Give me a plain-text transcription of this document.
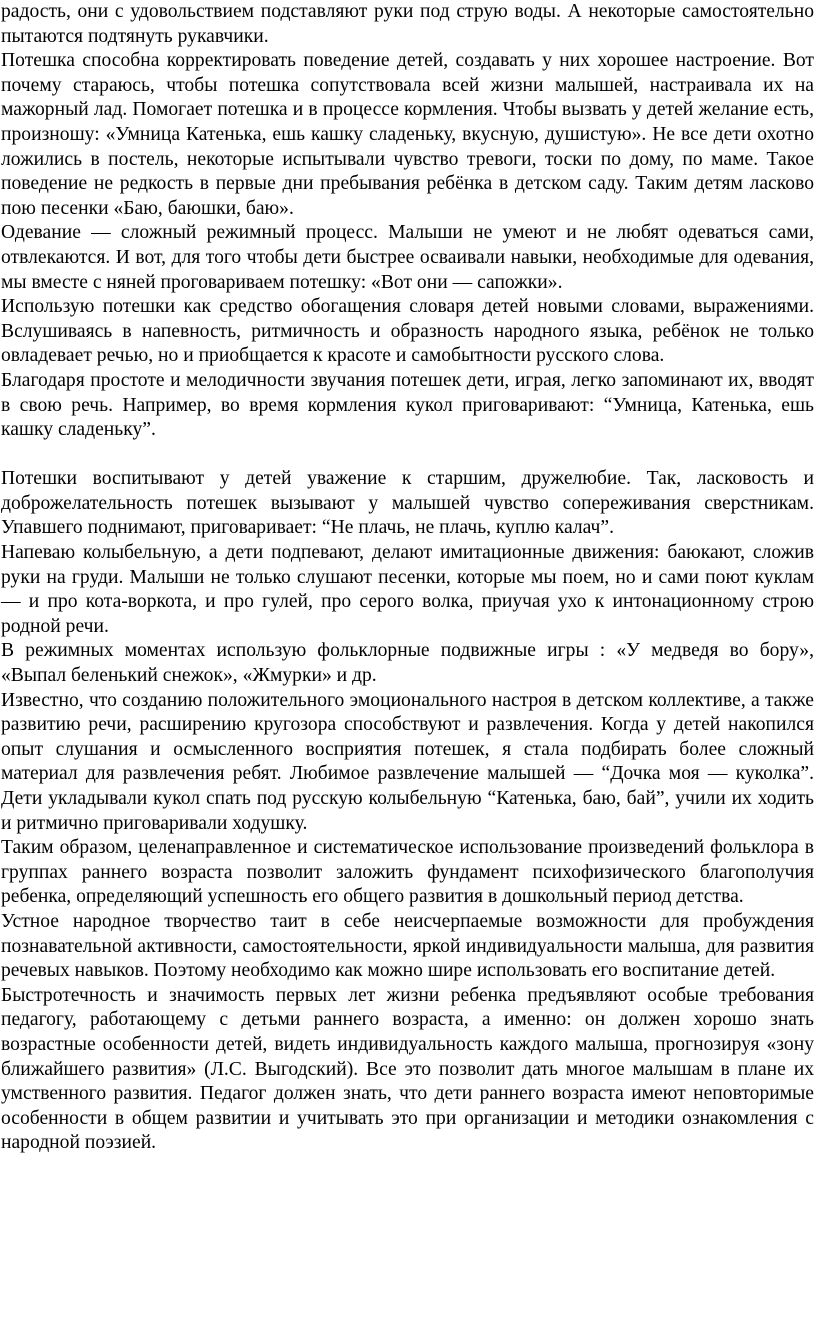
радость, они с удовольствием подставляют руки под струю воды. А некоторые самостоятельно пытаются подтянуть рукавчики.

Потешка способна корректировать поведение детей, создавать у них хорошее настроение. Вот почему стараюсь, чтобы потешка сопутствовала всей жизни малышей, настраивала их на мажорный лад. Помогает потешка и в процессе кормления. Чтобы вызвать у детей желание есть, произношу: «Умница Катенька, ешь кашку сладеньку, вкусную, душистую». Не все дети охотно ложились в постель, некоторые испытывали чувство тревоги, тоски по дому, по маме. Такое поведение не редкость в первые дни пребывания ребёнка в детском саду. Таким детям ласково пою песенки «Баю, баюшки, баю».

Одевание — сложный режимный процесс. Малыши не умеют и не любят одеваться сами, отвлекаются. И вот, для того чтобы дети быстрее осваивали навыки, необходимые для одевания, мы вместе с няней проговариваем потешку: «Вот они — сапожки».

Использую потешки как средство обогащения словаря детей новыми словами, выражениями. Вслушиваясь в напевность, ритмичность и образность народного языка, ребёнок не только овладевает речью, но и приобщается к красоте и самобытности русского слова.

Благодаря простоте и мелодичности звучания потешек дети, играя, легко запоминают их, вводят в свою речь. Например, во время кормления кукол приговаривают: “Умница, Катенька, ешь кашку сладеньку”.

Потешки воспитывают у детей уважение к старшим, дружелюбие. Так, ласковость и доброжелательность потешек вызывают у малышей чувство сопереживания сверстникам. Упавшего поднимают, приговаривает: “Не плачь, не плачь, куплю калач”.

Напеваю колыбельную, а дети подпевают, делают имитационные движения: баюкают, сложив руки на груди. Малыши не только слушают песенки, которые мы поем, но и сами поют куклам — и про кота-воркота, и про гулей, про серого волка, приучая ухо к интонационному строю родной речи.

В режимных моментах использую фольклорные подвижные игры : «У медведя во бору», «Выпал беленький снежок», «Жмурки» и др.

Известно, что созданию положительного эмоционального настроя в детском коллективе, а также развитию речи, расширению кругозора способствуют и развлечения. Когда у детей накопился опыт слушания и осмысленного восприятия потешек, я стала подбирать более сложный материал для развлечения ребят. Любимое развлечение малышей — “Дочка моя — куколка”. Дети укладывали кукол спать под русскую колыбельную “Катенька, баю, бай”, учили их ходить и ритмично приговаривали ходушку.

Таким образом, целенаправленное и систематическое использование произведений фольклора в группах раннего возраста позволит заложить фундамент психофизического благополучия ребенка, определяющий успешность его общего развития в дошкольный период детства.

Устное народное творчество таит в себе неисчерпаемые возможности для пробуждения познавательной активности, самостоятельности, яркой индивидуальности малыша, для развития речевых навыков. Поэтому необходимо как можно шире использовать его воспитание детей.

Быстротечность и значимость первых лет жизни ребенка предъявляют особые требования педагогу, работающему с детьми раннего возраста, а именно: он должен хорошо знать возрастные особенности детей, видеть индивидуальность каждого малыша, прогнозируя «зону ближайшего развития» (Л.С. Выгодский). Все это позволит дать многое малышам в плане их умственного развития. Педагог должен знать, что дети раннего возраста имеют неповторимые особенности в общем развитии и учитывать это при организации и методики ознакомления с народной поэзией.
